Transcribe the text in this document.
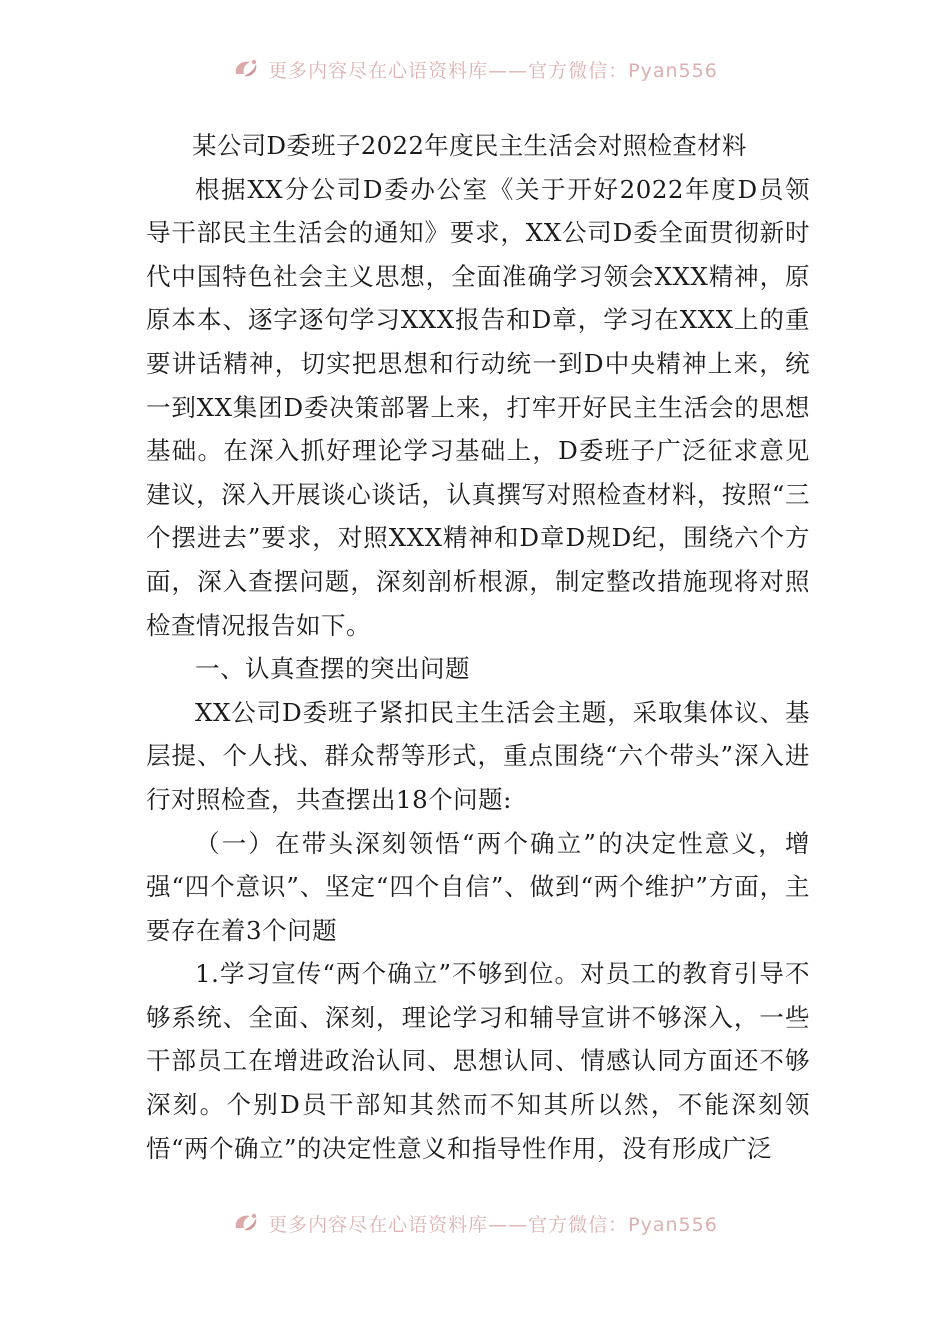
更多内容尽在心语资料库——官方微信：Pyan556

某公司D委班子2022年度民主生活会对照检查材料

根据XX分公司D委办公室《关于开好2022年度D员领导干部民主生活会的通知》要求，XX公司D委全面贯彻新时代中国特色社会主义思想，全面准确学习领会XXX精神，原原本本、逐字逐句学习XXX报告和D章，学习在XXX上的重要讲话精神，切实把思想和行动统一到D中央精神上来，统一到XX集团D委决策部署上来，打牢开好民主生活会的思想基础。在深入抓好理论学习基础上，D委班子广泛征求意见建议，深入开展谈心谈话，认真撰写对照检查材料，按照“三个摆进去”要求，对照XXX精神和D章D规D纪，围绕六个方面，深入查摆问题，深刻剖析根源，制定整改措施现将对照检查情况报告如下。

一、认真查摆的突出问题

XX公司D委班子紧扣民主生活会主题，采取集体议、基层提、个人找、群众帮等形式，重点围绕“六个带头”深入进行对照检查，共查摆出18个问题:

（一）在带头深刻领悟“两个确立”的决定性意义，增强“四个意识”、坚定“四个自信”、做到“两个维护”方面，主要存在着3个问题

1.学习宣传“两个确立”不够到位。对员工的教育引导不够系统、全面、深刻，理论学习和辅导宣讲不够深入，一些干部员工在增进政治认同、思想认同、情感认同方面还不够深刻。个别D员干部知其然而不知其所以然，不能深刻领悟“两个确立”的决定性意义和指导性作用，没有形成广泛

更多内容尽在心语资料库——官方微信：Pyan556
